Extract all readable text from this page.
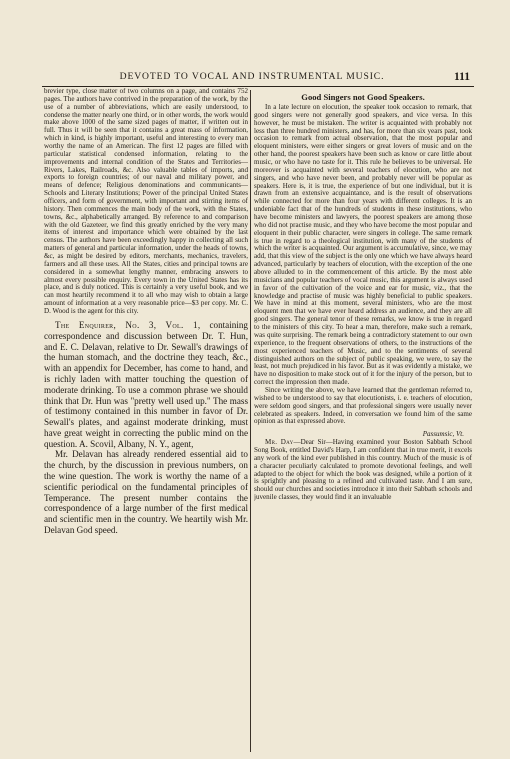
DEVOTED TO VOCAL AND INSTRUMENTAL MUSIC.	111

brevier type, close matter of two columns on a page, and contains 752 pages. The authors have contrived in the preparation of the work, by the use of a number of abbreviations, which are easily understood, to condense the matter nearly one third, or in other words, the work would make above 1000 of the same sized pages of matter, if written out in full. Thus it will be seen that it contains a great mass of information, which in kind, is highly important, useful and interesting to every man worthy the name of an American. The first 12 pages are filled with particular statistical condensed information, relating to the improvements and internal condition of the States and Territories—Rivers, Lakes, Railroads, &c. Also valuable tables of imports, and exports to foreign countries; of our naval and military power, and means of defence; Religious denominations and communicants—Schools and Literary Institutions; Power of the principal United States officers, and form of government, with important and stirring items of history. Then commences the main body of the work, with the States, towns, &c., alphabetically arranged. By reference to and comparison with the old Gazeteer, we find this greatly enriched by the very many items of interest and importance which were obtained by the last census. The authors have been exceedingly happy in collecting all such matters of general and particular information, under the heads of towns, &c, as might be desired by editors, merchants, mechanics, travelers, farmers and all these uses. All the States, cities and principal towns are considered in a somewhat lengthy manner, embracing answers to almost every possible enquiry. Every town in the United States has its place, and is duly noticed. This is certainly a very useful book, and we can most heartily recommend it to all who may wish to obtain a large amount of information at a very reasonable price—$3 per copy. Mr. C. D. Wood is the agent for this city.

The Enquirer, No. 3, Vol. 1, containing correspondence and discussion between Dr. T. Hun, and E. C. Delavan, relative to Dr. Sewall's drawings of the human stomach, and the doctrine they teach, &c., with an appendix for December, has come to hand, and is richly laden with matter touching the question of moderate drinking. To use a common phrase we should think that Dr. Hun was "pretty well used up." The mass of testimony contained in this number in favor of Dr. Sewall's plates, and against moderate drinking, must have great weight in correcting the public mind on the question. A. Scovil, Albany, N. Y., agent,

Mr. Delavan has already rendered essential aid to the church, by the discussion in previous numbers, on the wine question. The work is worthy the name of a scientific periodical on the fundamental principles of Temperance. The present number contains the correspondence of a large number of the first medical and scientific men in the country. We heartily wish Mr. Delavan God speed.

Good Singers not Good Speakers.

In a late lecture on elocution, the speaker took occasion to remark, that good singers were not generally good speakers, and vice versa. In this however, he must be mistaken. The writer is acquainted with probably not less than three hundred ministers, and has, for more than six years past, took occasion to remark from actual observation, that the most popular and eloquent ministers, were either singers or great lovers of music and on the other hand, the poorest speakers have been such as know or care little about music, or who have no taste for it. This rule he believes to be universal. He moreover is acquainted with several teachers of elocution, who are not singers, and who have never been, and probably never will be popular as speakers. Here is, it is true, the experience of but one individual, but it is drawn from an extensive acquaintance, and is the result of observations while connected for more than four years with different colleges. It is an undeniable fact that of the hundreds of students in these institutions, who have become ministers and lawyers, the poorest speakers are among those who did not practise music, and they who have become the most popular and eloquent in their public character, were singers in college. The same remark is true in regard to a theological institution, with many of the students of which the writer is acquainted. Our argument is accumulative, since, we may add, that this view of the subject is the only one which we have always heard advanced, particularly by teachers of elocution, with the exception of the one above alluded to in the commencement of this article. By the most able musicians and popular teachers of vocal music, this argument is always used in favor of the cultivation of the voice and ear for music, viz., that the knowledge and practise of music was highly beneficial to public speakers. We have in mind at this moment, several ministers, who are the most eloquent men that we have ever heard address an audience, and they are all good singers. The general tenor of these remarks, we know is true in regard to the ministers of this city. To hear a man, therefore, make such a remark, was quite surprising. The remark being a contradictory statement to our own experience, to the frequent observations of others, to the instructions of the most experienced teachers of Music, and to the sentiments of several distinguished authors on the subject of public speaking, we were, to say the least, not much prejudiced in his favor. But as it was evidently a mistake, we have no disposition to make stock out of it for the injury of the person, but to correct the impression then made.

Since writing the above, we have learned that the gentleman referred to, wished to be understood to say that elocutionists, i. e. teachers of elocution, were seldom good singers, and that professional singers were usually never celebrated as speakers. Indeed, in conversation we found him of the same opinion as that expressed above.

Passumsic, Vt.

Mr. Day—Dear Sir—Having examined your Boston Sabbath School Song Book, entitled David's Harp, I am confident that in true merit, it excels any work of the kind ever published in this country. Much of the music is of a character peculiarly calculated to promote devotional feelings, and well adapted to the object for which the book was designed, while a portion of it is sprightly and pleasing to a refined and cultivated taste. And I am sure, should our churches and societies introduce it into their Sabbath schools and juvenile classes, they would find it an invaluable
